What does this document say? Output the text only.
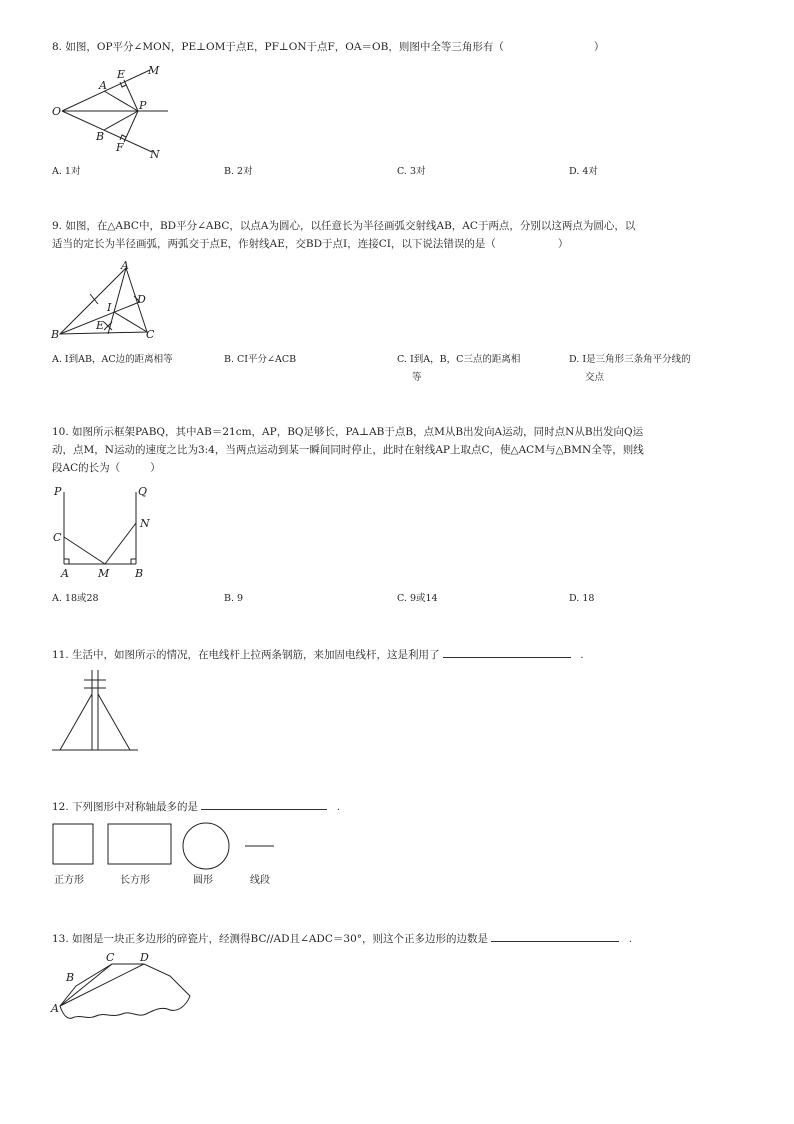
8. 如图，OP平分∠MON，PE⊥OM于点E，PF⊥ON于点F，OA＝OB，则图中全等三角形有（	）
O
A
E M
P
B
F
N
A. 1对	B. 2对	C. 3对	D. 4对
9. 如图，在△ABC中，BD平分∠ABC，以点A为圆心，以任意长为半径画弧交射线AB，AC于两点，分别以这两点为圆心，以
适当的定长为半径画弧，两弧交于点E，作射线AE，交BD于点I，连接CI，以下说法错误的是（	）
A
D
I
E
B	C
A. I到AB，AC边的距离相等	B. CI平分∠ACB	C. I到A，B，C三点的距离相
等
D. I是三角形三条角平分线的
交点
10. 如图所示框架PABQ，其中AB＝21cm，AP，BQ足够长，PA⊥AB于点B，点M从B出发向A运动，同时点N从B出发向Q运
动，点M，N运动的速度之比为3:4，当两点运动到某一瞬间同时停止，此时在射线AP上取点C，使△ACM与△BMN全等，则线
段AC的长为（	）
P	Q
N
C
A	M B
A. 18或28	B. 9	C. 9或14	D. 18
11. 生活中，如图所示的情况，在电线杆上拉两条钢筋，来加固电线杆，这是利用了	.
12. 下列图形中对称轴最多的是	.
正方形	长方形	圆形	线段
13. 如图是一块正多边形的碎瓷片，经测得BC//AD且∠ADC＝30°，则这个正多边形的边数是	.
C D
B
A
